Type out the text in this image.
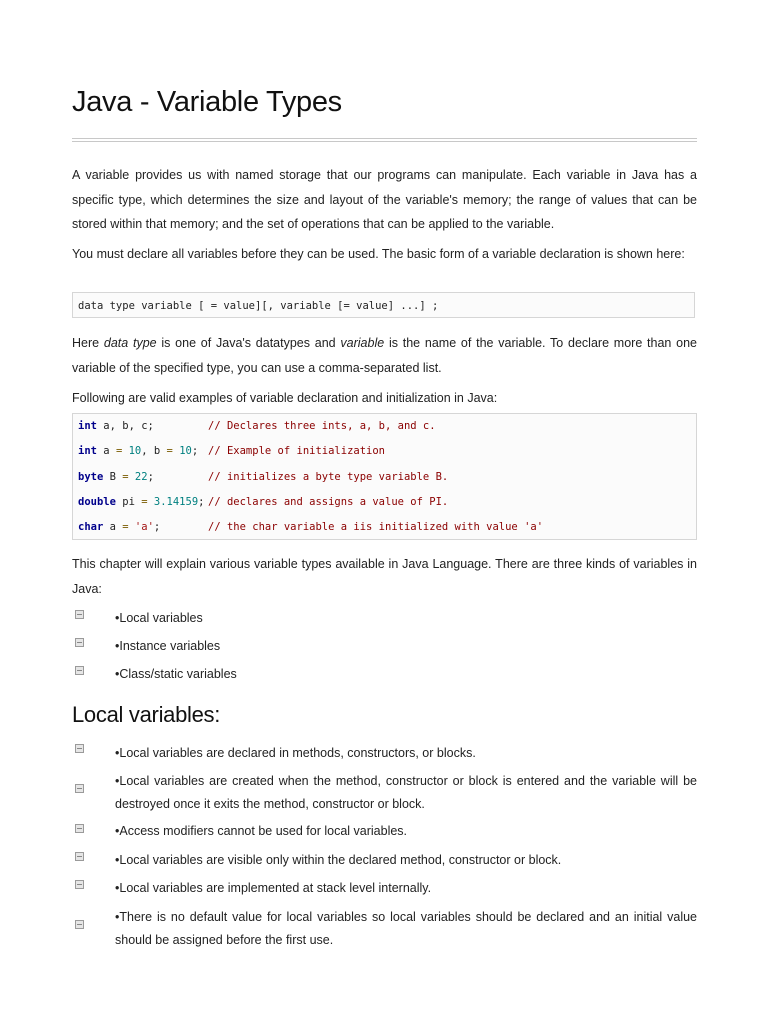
Java - Variable Types

A variable provides us with named storage that our programs can manipulate. Each variable in Java has a specific type, which determines the size and layout of the variable's memory; the range of values that can be stored within that memory; and the set of operations that can be applied to the variable.

You must declare all variables before they can be used. The basic form of a variable declaration is shown here:

data type variable [ = value][, variable [= value] ...] ;

Here data type is one of Java's datatypes and variable is the name of the variable. To declare more than one variable of the specified type, you can use a comma-separated list.

Following are valid examples of variable declaration and initialization in Java:

int a, b, c;	// Declares three ints, a, b, and c.
int a = 10, b = 10; // Example of initialization
byte B = 22;	// initializes a byte type variable B.
double pi = 3.14159; // declares and assigns a value of PI.
char a = 'a';	// the char variable a iis initialized with value 'a'

This chapter will explain various variable types available in Java Language. There are three kinds of variables in Java:

•Local variables

•Instance variables

•Class/static variables

Local variables:

•Local variables are declared in methods, constructors, or blocks.

•Local variables are created when the method, constructor or block is entered and the variable will be destroyed once it exits the method, constructor or block.

•Access modifiers cannot be used for local variables.

•Local variables are visible only within the declared method, constructor or block.

•Local variables are implemented at stack level internally.

•There is no default value for local variables so local variables should be declared and an initial value should be assigned before the first use.
